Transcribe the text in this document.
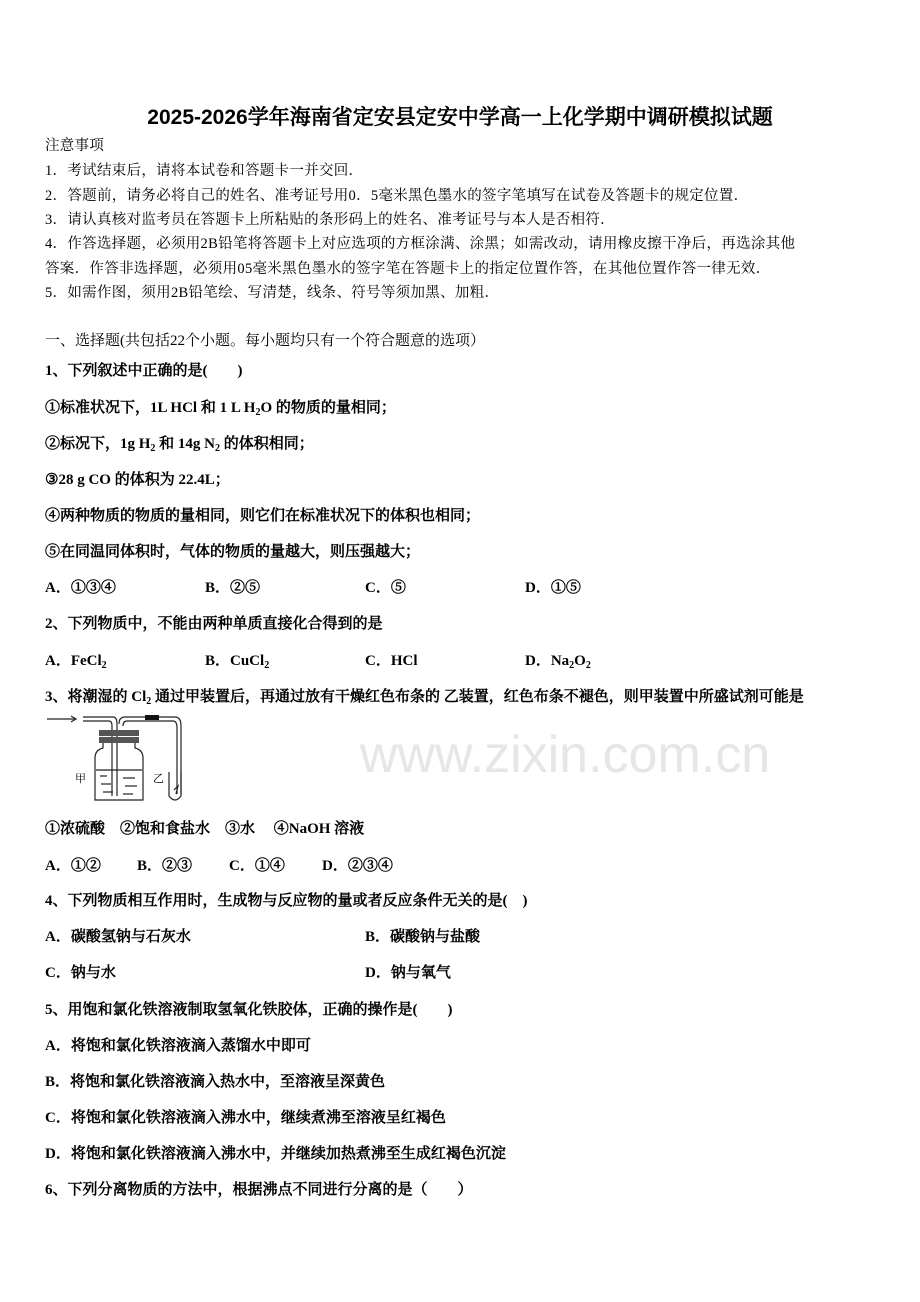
2025-2026学年海南省定安县定安中学高一上化学期中调研模拟试题
注意事项
1．考试结束后，请将本试卷和答题卡一并交回．
2．答题前，请务必将自己的姓名、准考证号用0．5毫米黑色墨水的签字笔填写在试卷及答题卡的规定位置．
3．请认真核对监考员在答题卡上所粘贴的条形码上的姓名、准考证号与本人是否相符．
4．作答选择题，必须用2B铅笔将答题卡上对应选项的方框涂满、涂黑；如需改动，请用橡皮擦干净后，再选涂其他
答案．作答非选择题，必须用05毫米黑色墨水的签字笔在答题卡上的指定位置作答，在其他位置作答一律无效．
5．如需作图，须用2B铅笔绘、写清楚，线条、符号等须加黑、加粗．
一、选择题(共包括22个小题。每小题均只有一个符合题意的选项）
1、下列叙述中正确的是(　　)
①标准状况下，1L HCl 和 1 L $H_2O$ 的物质的量相同；
②标况下，1g $H_2$ 和 14g $N_2$ 的体积相同；
③28 g CO 的体积为 22.4L；
④两种物质的物质的量相同，则它们在标准状况下的体积也相同；
⑤在同温同体积时，气体的物质的量越大，则压强越大；
A．①③④	B．②⑤	C．⑤	D．①⑤
2、下列物质中，不能由两种单质直接化合得到的是
A．FeCl$_2$	B．CuCl$_2$	C．HCl	D．$Na_2O_2$
3、将潮湿的 $Cl_2$ 通过甲装置后，再通过放有干燥红色布条的 乙装置，红色布条不褪色，则甲装置中所盛试剂可能是
甲	乙	www.zixin.com.cn
①浓硫酸　②饱和食盐水　③水　 ④NaOH 溶液
A．①② B．②③ C．①④ D．②③④
4、下列物质相互作用时，生成物与反应物的量或者反应条件无关的是(　)
A．碳酸氢钠与石灰水	B．碳酸钠与盐酸
C．钠与水	D．钠与氧气
5、用饱和氯化铁溶液制取氢氧化铁胶体，正确的操作是(　　)
A．将饱和氯化铁溶液滴入蒸馏水中即可
B．将饱和氯化铁溶液滴入热水中，至溶液呈深黄色
C．将饱和氯化铁溶液滴入沸水中，继续煮沸至溶液呈红褐色
D．将饱和氯化铁溶液滴入沸水中，并继续加热煮沸至生成红褐色沉淀
6、下列分离物质的方法中，根据沸点不同进行分离的是（　　）
